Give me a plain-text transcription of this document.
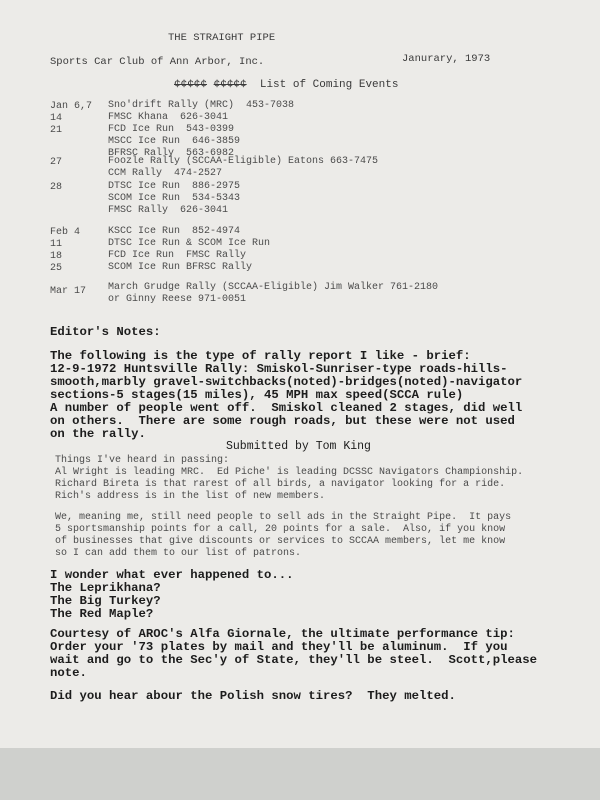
THE STRAIGHT PIPE
Sports Car Club of Ann Arbor, Inc.	Janurary, 1973
¢¢¢¢¢ ¢¢¢¢¢ List of Coming Events
Jan 6,7 Sno'drift Rally (MRC)  453-7038
14	FMSC Khana  626-3041
21	FCD Ice Run  543-0399
MSCC Ice Run  646-3859
BFRSC Rally  563-6982
27	Foozle Rally (SCCAA-Eligible) Eatons 663-7475
CCM Rally  474-2527
28	DTSC Ice Run  886-2975
SCOM Ice Run  534-5343
FMSC Rally  626-3041
Feb 4	KSCC Ice Run  852-4974
11	DTSC Ice Run & SCOM Ice Run
18	FCD Ice Run  FMSC Rally
25	SCOM Ice Run BFRSC Rally
Mar 17 March Grudge Rally (SCCAA-Eligible) Jim Walker 761-2180
or Ginny Reese 971-0051
Editor's Notes:
The following is the type of rally report I like - brief:
12-9-1972 Huntsville Rally: Smiskol-Sunriser-type roads-hills-
smooth,marbly gravel-switchbacks(noted)-bridges(noted)-navigator
sections-5 stages(15 miles), 45 MPH max speed(SCCA rule)
A number of people went off.  Smiskol cleaned 2 stages, did well
on others.  There are some rough roads, but these were not used
on the rally.
Submitted by Tom King
Things I've heard in passing:
Al Wright is leading MRC.  Ed Piche' is leading DCSSC Navigators Championship.
Richard Bireta is that rarest of all birds, a navigator looking for a ride.
Rich's address is in the list of new members.
We, meaning me, still need people to sell ads in the Straight Pipe.  It pays
5 sportsmanship points for a call, 20 points for a sale.  Also, if you know
of businesses that give discounts or services to SCCAA members, let me know
so I can add them to our list of patrons.
I wonder what ever happened to...
The Leprikhana?
The Big Turkey?
The Red Maple?
Courtesy of AROC's Alfa Giornale, the ultimate performance tip:
Order your '73 plates by mail and they'll be aluminum.  If you
wait and go to the Sec'y of State, they'll be steel.  Scott,please
note.
Did you hear abour the Polish snow tires?  They melted.
